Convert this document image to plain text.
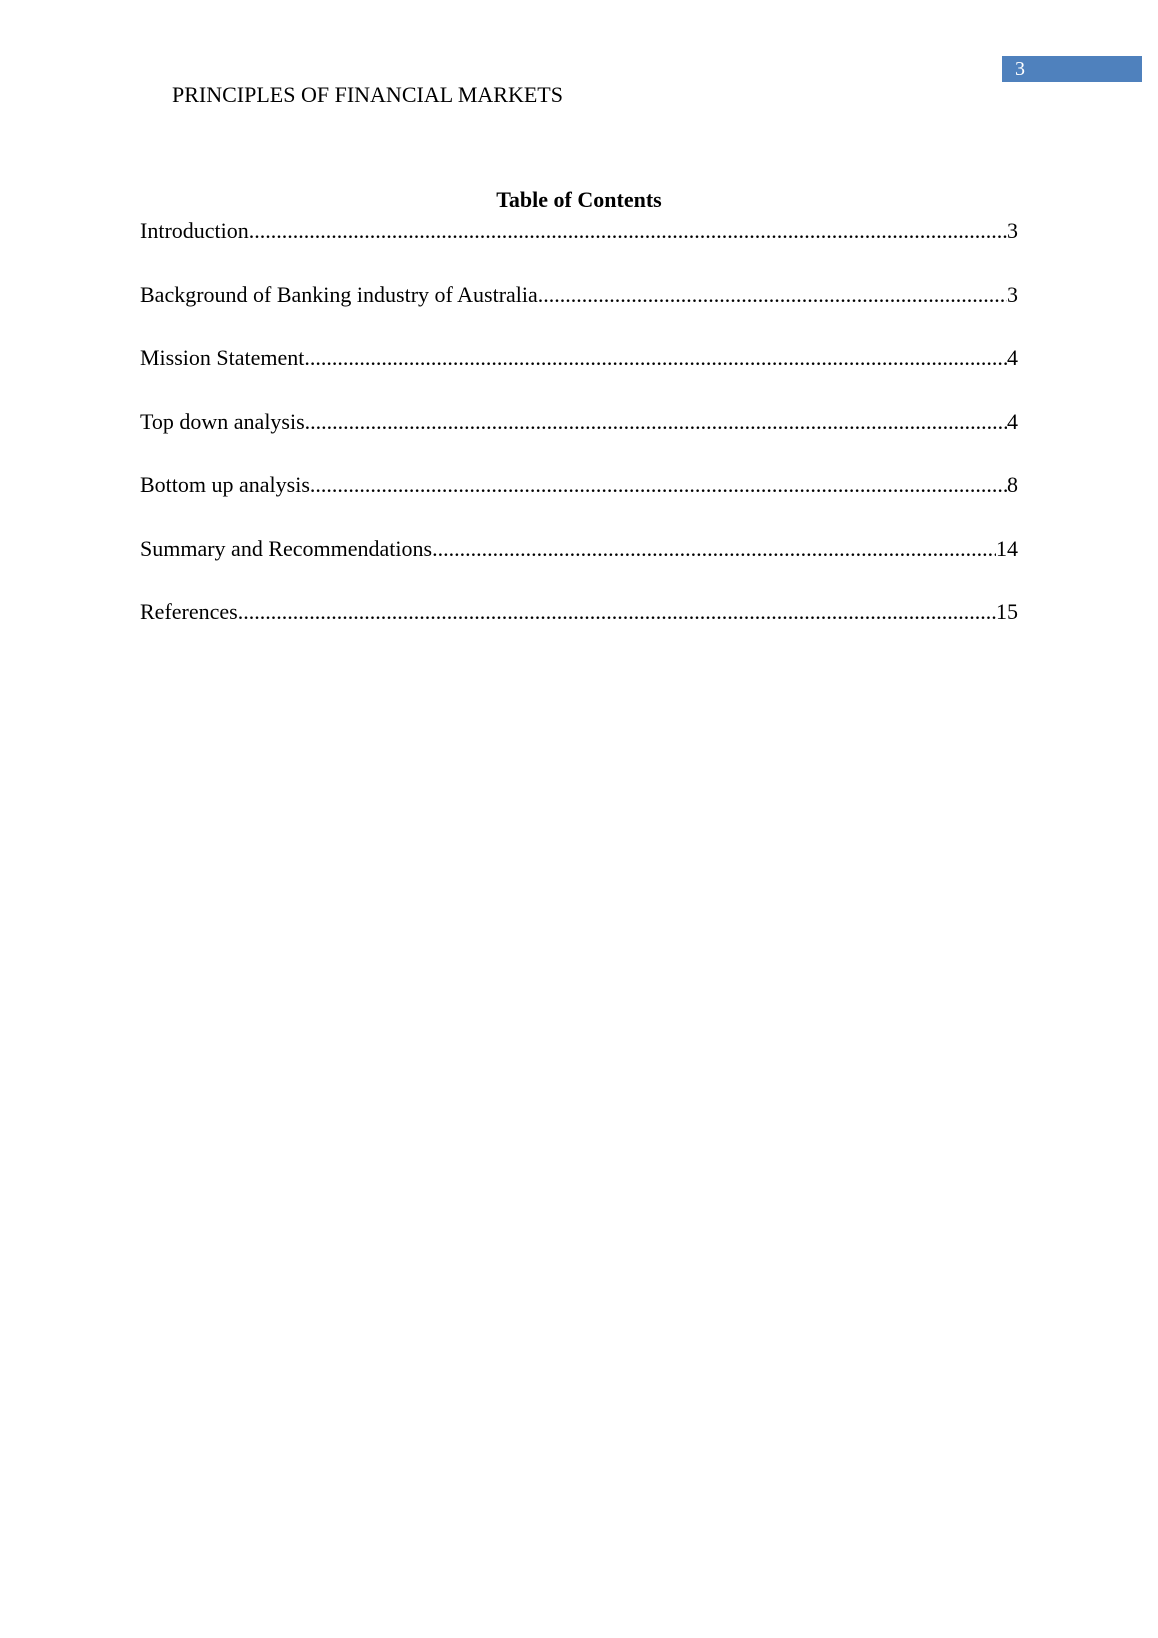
3
PRINCIPLES OF FINANCIAL MARKETS
Table of Contents
Introduction .....	3
Background of Banking industry of Australia .....	3
Mission Statement .....	4
Top down analysis .....	4
Bottom up analysis .....	8
Summary and Recommendations .....	14
References .....	15
